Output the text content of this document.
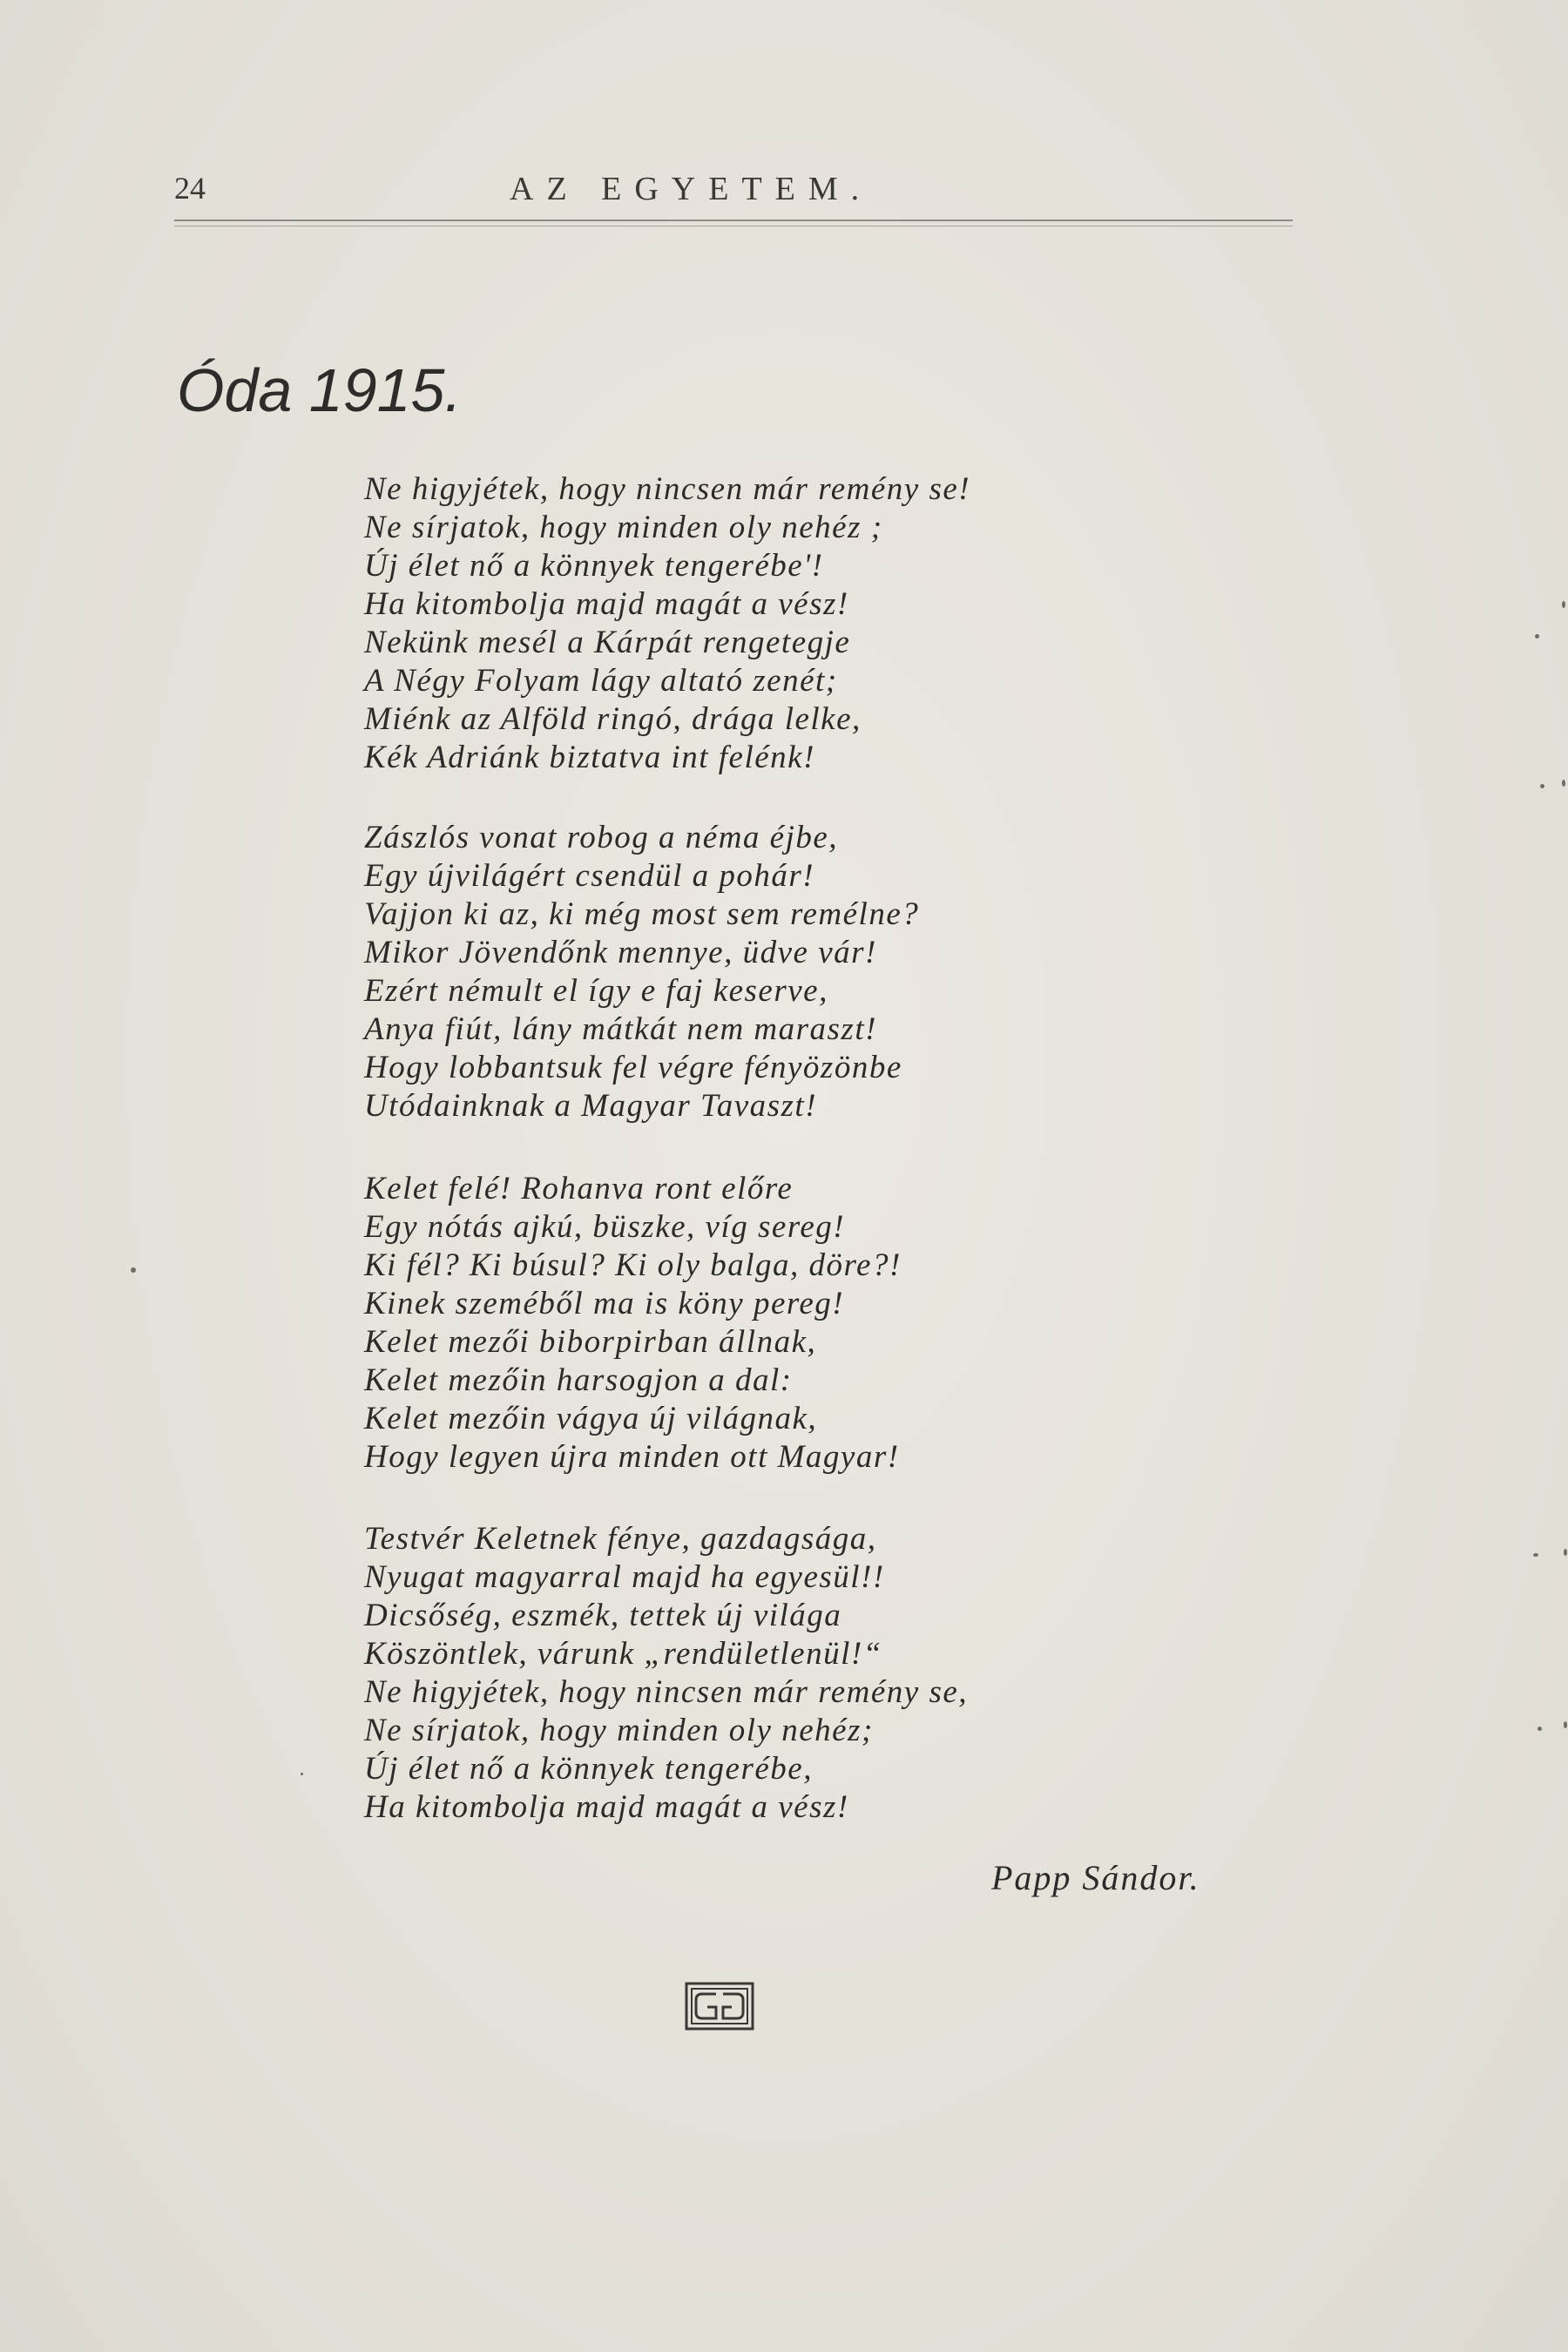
24	AZ EGYETEM.
Óda 1915.
Ne higyjétek, hogy nincsen már remény se!
Ne sírjatok, hogy minden oly nehéz ;
Új élet nő a könnyek tengerébe'!
Ha kitombolja majd magát a vész!
Nekünk mesél a Kárpát rengetegje
A Négy Folyam lágy altató zenét;
Miénk az Alföld ringó, drága lelke,
Kék Adriánk biztatva int felénk!
Zászlós vonat robog a néma éjbe,
Egy újvilágért csendül a pohár!
Vajjon ki az, ki még most sem remélne?
Mikor Jövendőnk mennye, üdve vár!
Ezért némult el így e faj keserve,
Anya fiút, lány mátkát nem maraszt!
Hogy lobbantsuk fel végre fényözönbe
Utódainknak a Magyar Tavaszt!
Kelet felé! Rohanva ront előre
Egy nótás ajkú, büszke, víg sereg!
Ki fél? Ki búsul? Ki oly balga, döre?!
Kinek szeméből ma is köny pereg!
Kelet mezői biborpirban állnak,
Kelet mezőin harsogjon a dal:
Kelet mezőin vágya új világnak,
Hogy legyen újra minden ott Magyar!
Testvér Keletnek fénye, gazdagsága,
Nyugat magyarral majd ha egyesül!!
Dicsőség, eszmék, tettek új világa
Köszöntlek, várunk „rendületlenül!“
Ne higyjétek, hogy nincsen már remény se,
Ne sírjatok, hogy minden oly nehéz;
Új élet nő a könnyek tengerébe,
Ha kitombolja majd magát a vész!
Papp Sándor.
